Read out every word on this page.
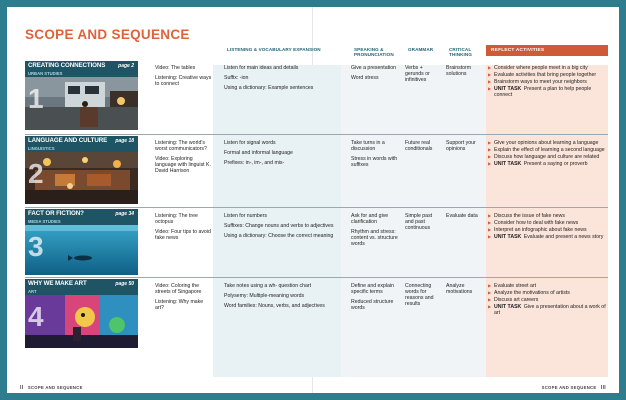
SCOPE AND SEQUENCE
LISTENING & VOCABULARY EXPANSION	SPEAKING & PRONUNCIATION
GRAMMAR	CRITICAL THINKING
REFLECT ACTIVITIES
CREATING CONNECTIONS	page 2
URBAN STUDIES
1

Video: The tables

Listening: Creative ways to connect

Listen for main ideas and details

Suffix: -ion

Using a dictionary: Example sentences

Give a presentation

Word stress

Verbs + gerunds or infinitives

Brainstorm solutions

▶ Consider where people meet in a big city
▶ Evaluate activities that bring people together
▶ Brainstorm ways to meet your neighbors
▶ UNIT TASK Present a plan to help people connect
LANGUAGE AND CULTURE page 18
LINGUISTICS
2

Listening: The world's worst communicators?

Video: Exploring language with linguist K. David Harrison

Listen for signal words

Formal and informal language

Prefixes: in-, im-, and mis-

Take turns in a discussion

Stress in words with suffixes

Future real conditionals

Support your opinions

▶ Give your opinions about learning a language
▶ Explain the effect of learning a second language
▶ Discuss how language and culture are related
▶ UNIT TASK Present a saying or proverb
FACT OR FICTION?	page 34
MEDIA STUDIES
3

Listening: The tree octopus

Video: Four tips to avoid fake news

Listen for numbers

Suffixes: Change nouns and verbs to adjectives

Using a dictionary: Choose the correct meaning

Ask for and give clarification

Rhythm and stress: content vs. structure words

Simple past and past continuous

Evaluate data

▶	Discuss the issue of fake news
▶ Consider how to deal with fake news
▶ Interpret an infographic about fake news
▶ UNIT TASK Evaluate and present a news story
WHY WE MAKE ART	page 50
ART
4

Video: Coloring the streets of Singapore

Listening: Why make art?

Take notes using a wh- question chart

Polysemy: Multiple-meaning words

Word families: Nouns, verbs, and adjectives

Define and explain specific terms

Reduced structure words

Connecting words for reasons and results

Analyze motivations

▶ Evaluate street art
▶ Analyze the motivations of artists
▶ Discuss art careers
▶ UNIT TASK Give a presentation about a work of art
II SCOPE AND SEQUENCE	SCOPE AND SEQUENCE III
